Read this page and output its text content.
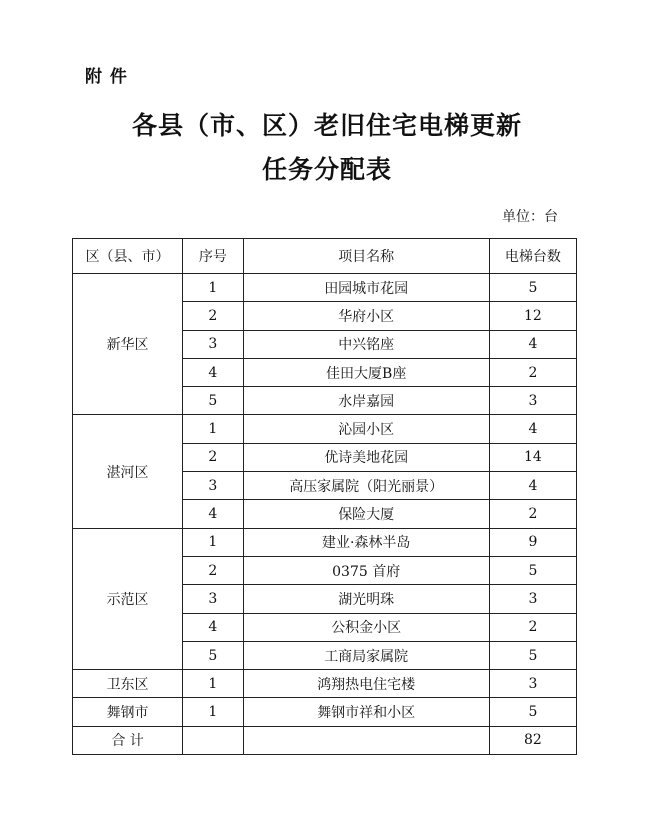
附 件
各县（市、区）老旧住宅电梯更新
任务分配表
单位：台
区（县、市）	序号	项目名称	电梯台数
新华区	1	田园城市花园	5
	2	华府小区	12
	3	中兴铭座	4
	4	佳田大厦B座	2
	5	水岸嘉园	3
湛河区	1	沁园小区	4
	2	优诗美地花园	14
	3	高压家属院（阳光丽景）	4
	4	保险大厦	2
示范区	1	建业·森林半岛	9
	2	0375 首府	5
	3	湖光明珠	3
	4	公积金小区	2
	5	工商局家属院	5
卫东区	1	鸿翔热电住宅楼	3
舞钢市	1	舞钢市祥和小区	5
合 计			82
